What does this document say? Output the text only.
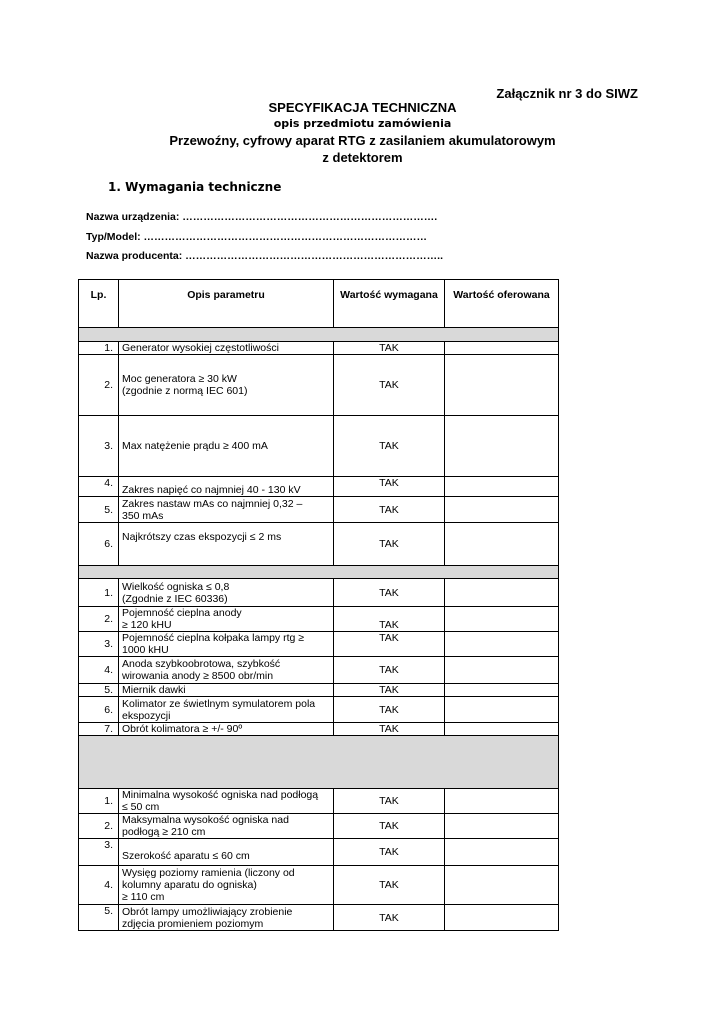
Załącznik nr 3 do SIWZ
SPECYFIKACJA TECHNICZNA
opis przedmiotu zamówienia
Przewoźny, cyfrowy aparat RTG z zasilaniem akumulatorowym
z detektorem
1. Wymagania techniczne
Nazwa urządzenia: ……………………………………………………………….
Typ/Model: ………………………………………………………………………
Nazwa producenta: ………………………………………………………………..
Lp.	Opis parametru	Wartość wymagana	Wartość oferowana

1.	Generator wysokiej częstotliwości	TAK	
2.	Moc generatora ≥ 30 kW
(zgodnie z normą IEC 601)	TAK	
3.	Max natężenie prądu ≥ 400 mA	TAK	
4.	Zakres napięć co najmniej 40 - 130 kV	TAK	
5.	Zakres nastaw mAs co najmniej 0,32 –
350 mAs	TAK	
6.	Najkrótszy czas ekspozycji ≤ 2 ms	TAK	

1.	Wielkość ogniska ≤ 0,8
(Zgodnie z IEC 60336)	TAK	
2.	Pojemność cieplna anody
≥ 120 kHU	TAK	
3.	Pojemność cieplna kołpaka lampy rtg ≥
1000 kHU	TAK	
4.	Anoda szybkoobrotowa, szybkość
wirowania anody ≥ 8500 obr/min	TAK	
5.	Miernik dawki	TAK	
6.	Kolimator ze świetlnym symulatorem pola
ekspozycji	TAK	
7.	Obrót kolimatora ≥ +/- 90º	TAK	

1.	Minimalna wysokość ogniska nad podłogą
≤ 50 cm	TAK	
2.	Maksymalna wysokość ogniska nad
podłogą ≥ 210 cm	TAK	
3.	Szerokość aparatu ≤ 60 cm	TAK	
4.	Wysięg poziomy ramienia (liczony od
kolumny aparatu do ogniska)
≥ 110 cm	TAK	
5.	Obrót lampy umożliwiający zrobienie
zdjęcia promieniem poziomym	TAK	
